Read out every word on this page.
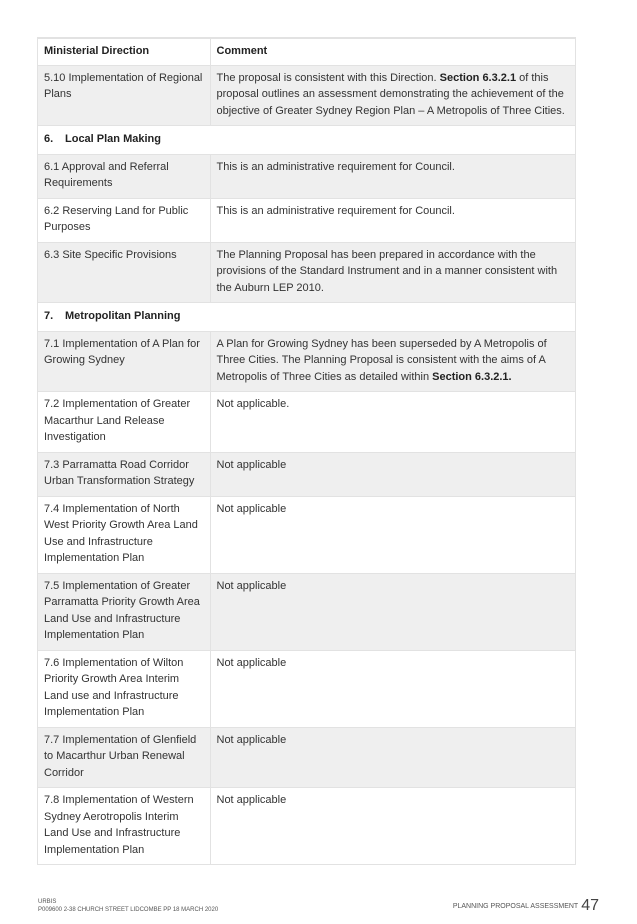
Ministerial Direction	Comment
5.10 Implementation of Regional Plans	The proposal is consistent with this Direction. Section 6.3.2.1 of this proposal outlines an assessment demonstrating the achievement of the objective of Greater Sydney Region Plan – A Metropolis of Three Cities.
6. Local Plan Making	
6.1 Approval and Referral Requirements	This is an administrative requirement for Council.
6.2 Reserving Land for Public Purposes	This is an administrative requirement for Council.
6.3 Site Specific Provisions	The Planning Proposal has been prepared in accordance with the provisions of the Standard Instrument and in a manner consistent with the Auburn LEP 2010.
7. Metropolitan Planning	
7.1 Implementation of A Plan for Growing Sydney	A Plan for Growing Sydney has been superseded by A Metropolis of Three Cities. The Planning Proposal is consistent with the aims of A Metropolis of Three Cities as detailed within Section 6.3.2.1.
7.2 Implementation of Greater Macarthur Land Release Investigation	Not applicable.
7.3 Parramatta Road Corridor Urban Transformation Strategy	Not applicable
7.4 Implementation of North West Priority Growth Area Land Use and Infrastructure Implementation Plan	Not applicable
7.5 Implementation of Greater Parramatta Priority Growth Area Land Use and Infrastructure Implementation Plan	Not applicable
7.6 Implementation of Wilton Priority Growth Area Interim Land use and Infrastructure Implementation Plan	Not applicable
7.7 Implementation of Glenfield to Macarthur Urban Renewal Corridor	Not applicable
7.8 Implementation of Western Sydney Aerotropolis Interim Land Use and Infrastructure Implementation Plan	Not applicable
URBIS
P009600 2-38 CHURCH STREET LIDCOMBE PP 18 MARCH 2020	PLANNING PROPOSAL ASSESSMENT 47
